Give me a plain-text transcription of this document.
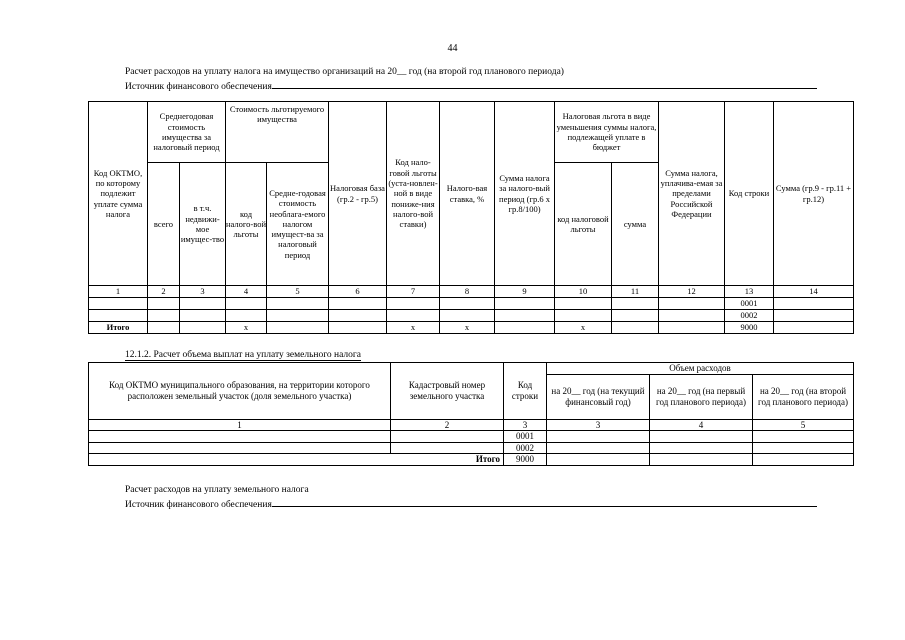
44
Расчет расходов на уплату налога на имущество организаций на 20__ год (на второй год планового периода)
Источник финансового обеспечения
Код ОКТМО, по которому подлежит уплате сумма налога	Среднегодовая стоимость имущества за налоговый период		Стоимость льготируемого имущества		Налоговая база (гр.2 - гр.5)	Код нало-говой льготы (уста-новлен-ной в виде пониже-ния налого-вой ставки)	Налого-вая ставка, %	Сумма налога за налого-вый период (гр.6 х гр.8/100)	Налоговая льгота в виде уменьшения суммы налога, подлежащей уплате в бюджет		Сумма налога, уплачива-емая за пределами Российской Федерации	Код строки	Сумма (гр.9 - гр.11 + гр.12)
	всего	в т.ч. недвижи-мое имущес-тво	код налого-вой льготы	Средне-годовая стоимость необлага-емого налогом имущест-ва за налоговый период					код налоговой льготы	сумма			
1	2	3	4	5	6	7	8	9	10	11	12	13	14
												0001	
												0002	
Итого			х			х	х		х			9000	
12.1.2. Расчет объема выплат на уплату земельного налога
Код ОКТМО муниципального образования, на территории которого расположен земельный участок (доля земельного участка)	Кадастровый номер земельного участка	Код строки	Объем расходов		
			на 20__ год (на текущий финансовый год)	на 20__ год (на первый год планового периода)	на 20__ год (на второй год планового периода)
1	2	3	3	4	5
		0001			
		0002			
Итого		9000			
Расчет расходов на уплату земельного налога
Источник финансового обеспечения
